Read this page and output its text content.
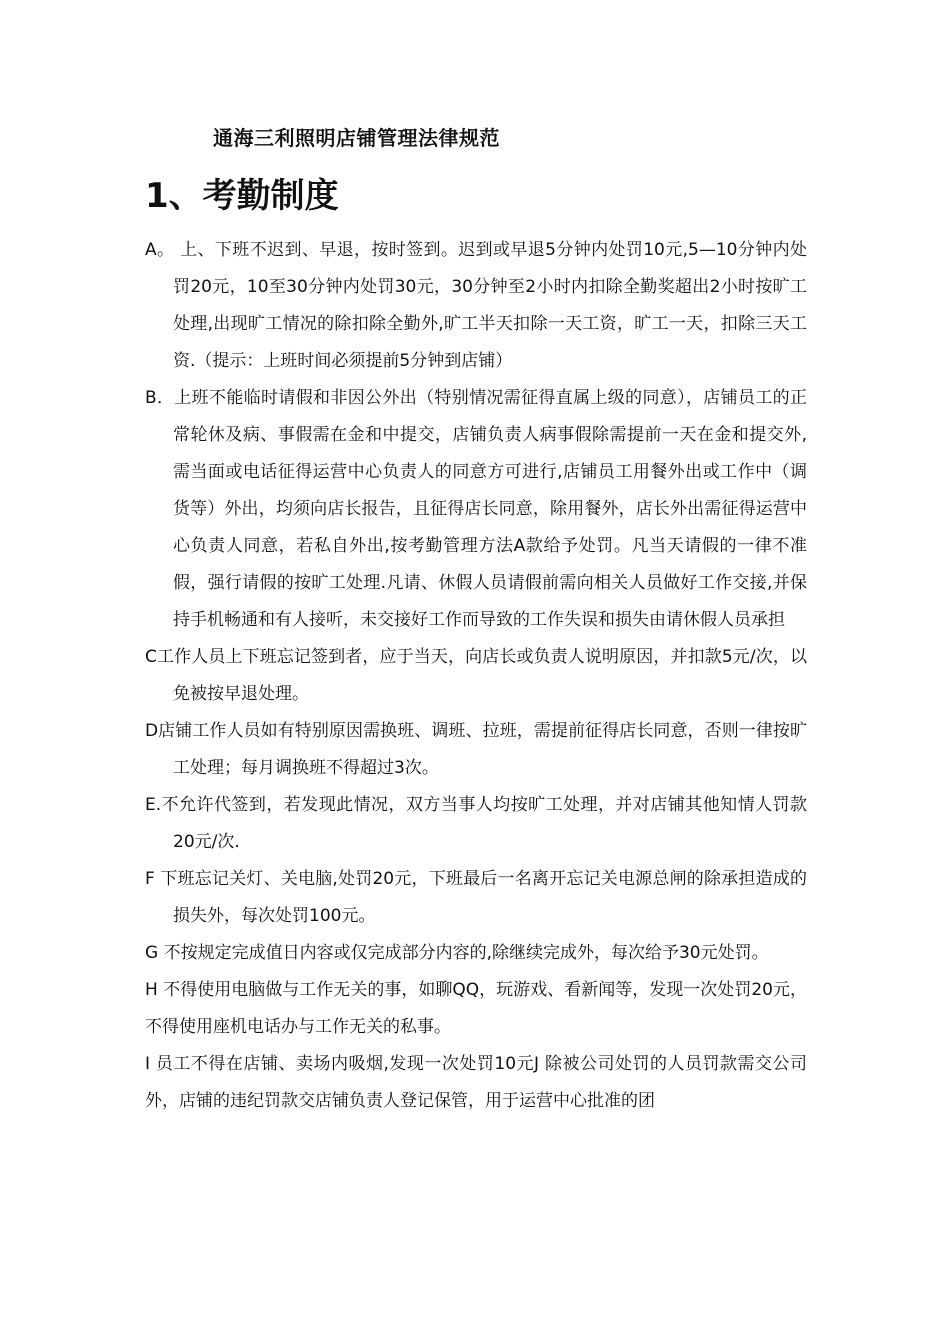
通海三利照明店铺管理法律规范
1、考勤制度

A。 上、下班不迟到、早退，按时签到。迟到或早退5分钟内处罚10元,5—10分钟内处罚20元，10至30分钟内处罚30元，30分钟至2小时内扣除全勤奖超出2小时按旷工处理,出现旷工情况的除扣除全勤外,旷工半天扣除一天工资，旷工一天，扣除三天工资.（提示：上班时间必须提前5分钟到店铺）

B．上班不能临时请假和非因公外出（特别情况需征得直属上级的同意），店铺员工的正常轮休及病、事假需在金和中提交，店铺负责人病事假除需提前一天在金和提交外,需当面或电话征得运营中心负责人的同意方可进行,店铺员工用餐外出或工作中（调货等）外出，均须向店长报告，且征得店长同意，除用餐外，店长外出需征得运营中心负责人同意，若私自外出,按考勤管理方法A款给予处罚。凡当天请假的一律不准假，强行请假的按旷工处理.凡请、休假人员请假前需向相关人员做好工作交接,并保持手机畅通和有人接听，未交接好工作而导致的工作失误和损失由请休假人员承担

C工作人员上下班忘记签到者，应于当天，向店长或负责人说明原因，并扣款5元/次，以免被按早退处理。

D店铺工作人员如有特别原因需换班、调班、拉班，需提前征得店长同意，否则一律按旷工处理；每月调换班不得超过3次。

E.不允许代签到，若发现此情况，双方当事人均按旷工处理，并对店铺其他知情人罚款20元/次.

F 下班忘记关灯、关电脑,处罚20元，下班最后一名离开忘记关电源总闸的除承担造成的损失外，每次处罚100元。

G 不按规定完成值日内容或仅完成部分内容的,除继续完成外，每次给予30元处罚。

H 不得使用电脑做与工作无关的事，如聊QQ，玩游戏、看新闻等，发现一次处罚20元，不得使用座机电话办与工作无关的私事。

I 员工不得在店铺、卖场内吸烟,发现一次处罚10元J 除被公司处罚的人员罚款需交公司外，店铺的违纪罚款交店铺负责人登记保管，用于运营中心批准的团
